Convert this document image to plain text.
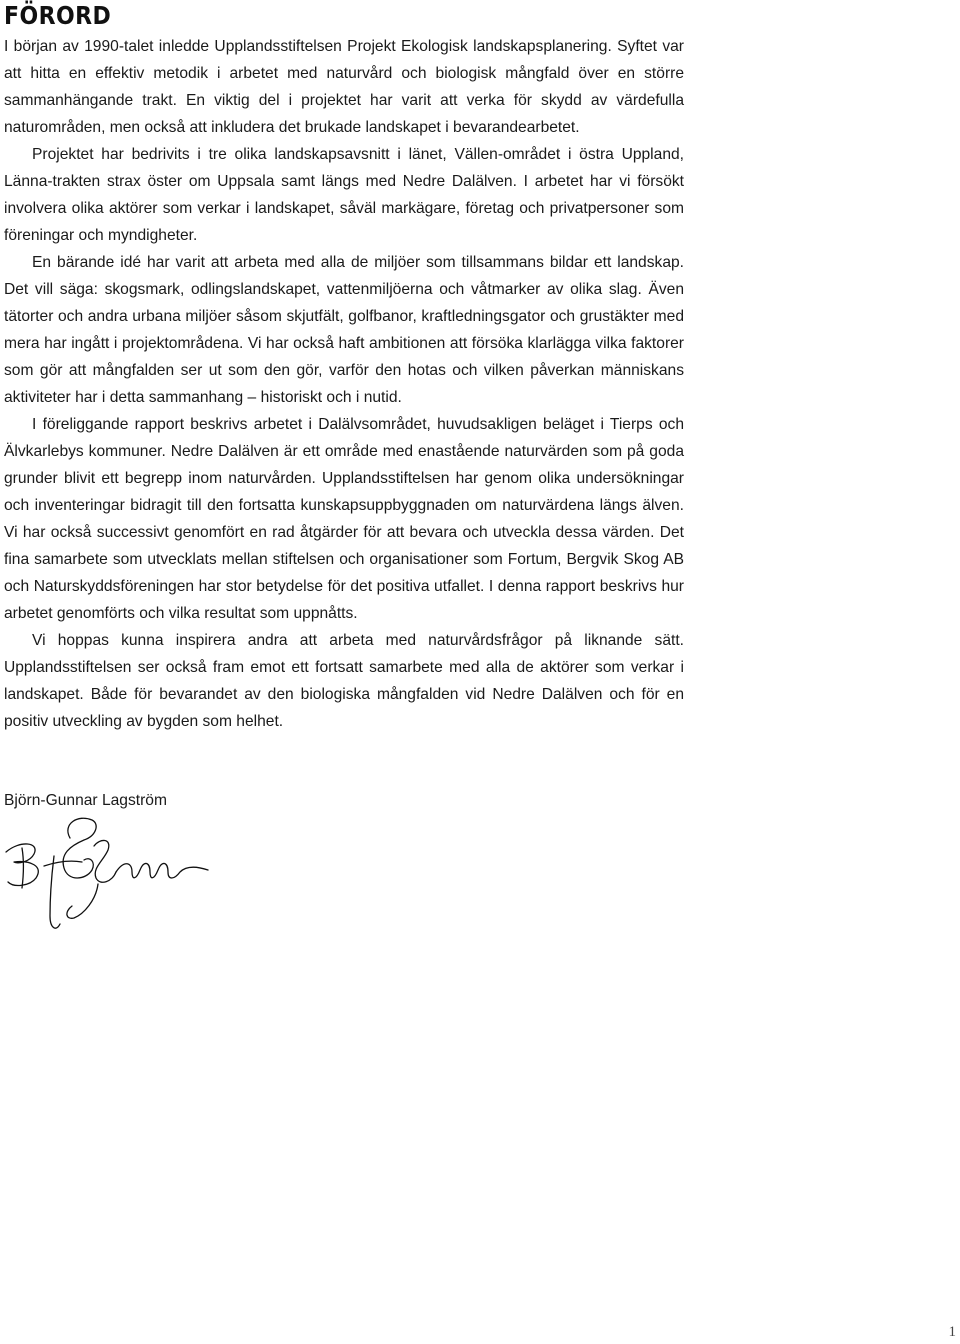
FÖRORD

I början av 1990-talet inledde Upplandsstiftelsen Projekt Ekologisk landskapsplanering. Syftet var att hitta en effektiv metodik i arbetet med naturvård och biologisk mångfald över en större sammanhängande trakt. En viktig del i projektet har varit att verka för skydd av värdefulla naturområden, men också att inkludera det brukade landskapet i bevarandearbetet.

Projektet har bedrivits i tre olika landskapsavsnitt i länet, Vällen-området i östra Uppland, Länna-trakten strax öster om Uppsala samt längs med Nedre Dalälven. I arbetet har vi försökt involvera olika aktörer som verkar i landskapet, såväl markägare, företag och privatpersoner som föreningar och myndigheter.

En bärande idé har varit att arbeta med alla de miljöer som tillsammans bildar ett landskap. Det vill säga: skogsmark, odlingslandskapet, vattenmiljöerna och våtmarker av olika slag. Även tätorter och andra urbana miljöer såsom skjutfält, golfbanor, kraftledningsgator och grustäkter med mera har ingått i projektområdena. Vi har också haft ambitionen att försöka klarlägga vilka faktorer som gör att mångfalden ser ut som den gör, varför den hotas och vilken påverkan människans aktiviteter har i detta sammanhang – historiskt och i nutid.

I föreliggande rapport beskrivs arbetet i Dalälvsområdet, huvudsakligen beläget i Tierps och Älvkarlebys kommuner. Nedre Dalälven är ett område med enastående naturvärden som på goda grunder blivit ett begrepp inom naturvården. Upplandsstiftelsen har genom olika undersökningar och inventeringar bidragit till den fortsatta kunskapsuppbyggnaden om naturvärdena längs älven. Vi har också successivt genomfört en rad åtgärder för att bevara och utveckla dessa värden. Det fina samarbete som utvecklats mellan stiftelsen och organisationer som Fortum, Bergvik Skog AB och Naturskyddsföreningen har stor betydelse för det positiva utfallet. I denna rapport beskrivs hur arbetet genomförts och vilka resultat som uppnåtts.

Vi hoppas kunna inspirera andra att arbeta med naturvårdsfrågor på liknande sätt. Upplandsstiftelsen ser också fram emot ett fortsatt samarbete med alla de aktörer som verkar i landskapet. Både för bevarandet av den biologiska mångfalden vid Nedre Dalälven och för en positiv utveckling av bygden som helhet.

Björn-Gunnar Lagström
1
